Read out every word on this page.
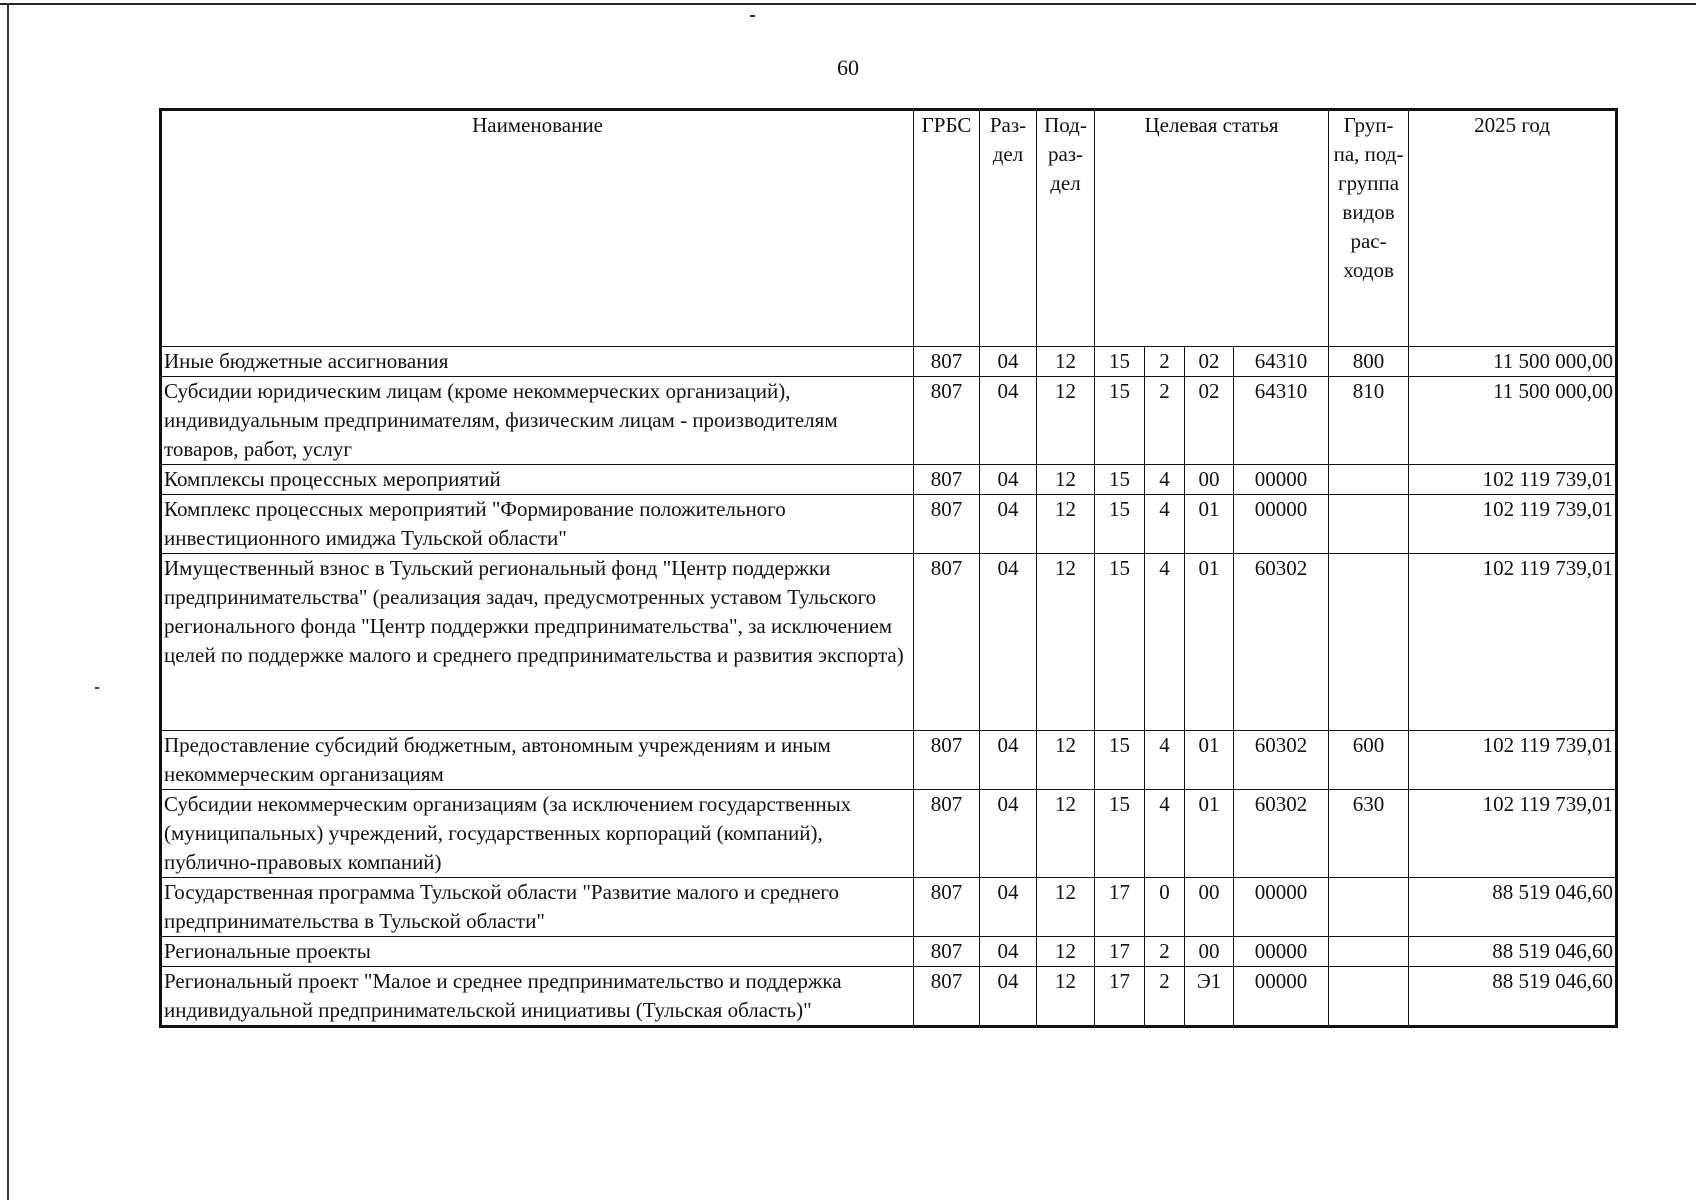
60
Наименование	ГРБС	Раз- дел	Под- раз- дел	Целевая статья				Груп- па, под- группа видов рас- ходов	2025 год
Иные бюджетные ассигнования	807	04	12	15	2	02	64310	800	11 500 000,00
Субсидии юридическим лицам (кроме некоммерческих организаций), индивидуальным предпринимателям, физическим лицам - производителям товаров, работ, услуг	807	04	12	15	2	02	64310	810	11 500 000,00
Комплексы процессных мероприятий	807	04	12	15	4	00	00000		102 119 739,01
Комплекс процессных мероприятий "Формирование положительного инвестиционного имиджа Тульской области"	807	04	12	15	4	01	00000		102 119 739,01
Имущественный взнос в Тульский региональный фонд "Центр поддержки предпринимательства" (реализация задач, предусмотренных уставом Тульского регионального фонда "Центр поддержки предпринимательства", за исключением целей по поддержке малого и среднего предпринимательства и развития экспорта)	807	04	12	15	4	01	60302		102 119 739,01
Предоставление субсидий бюджетным, автономным учреждениям и иным некоммерческим организациям	807	04	12	15	4	01	60302	600	102 119 739,01
Субсидии некоммерческим организациям (за исключением государственных (муниципальных) учреждений, государственных корпораций (компаний), публично-правовых компаний)	807	04	12	15	4	01	60302	630	102 119 739,01
Государственная программа Тульской области "Развитие малого и среднего предпринимательства в Тульской области"	807	04	12	17	0	00	00000		88 519 046,60
Региональные проекты	807	04	12	17	2	00	00000		88 519 046,60
Региональный проект "Малое и среднее предпринимательство и поддержка индивидуальной предпринимательской инициативы (Тульская область)"	807	04	12	17	2	Э1	00000		88 519 046,60
